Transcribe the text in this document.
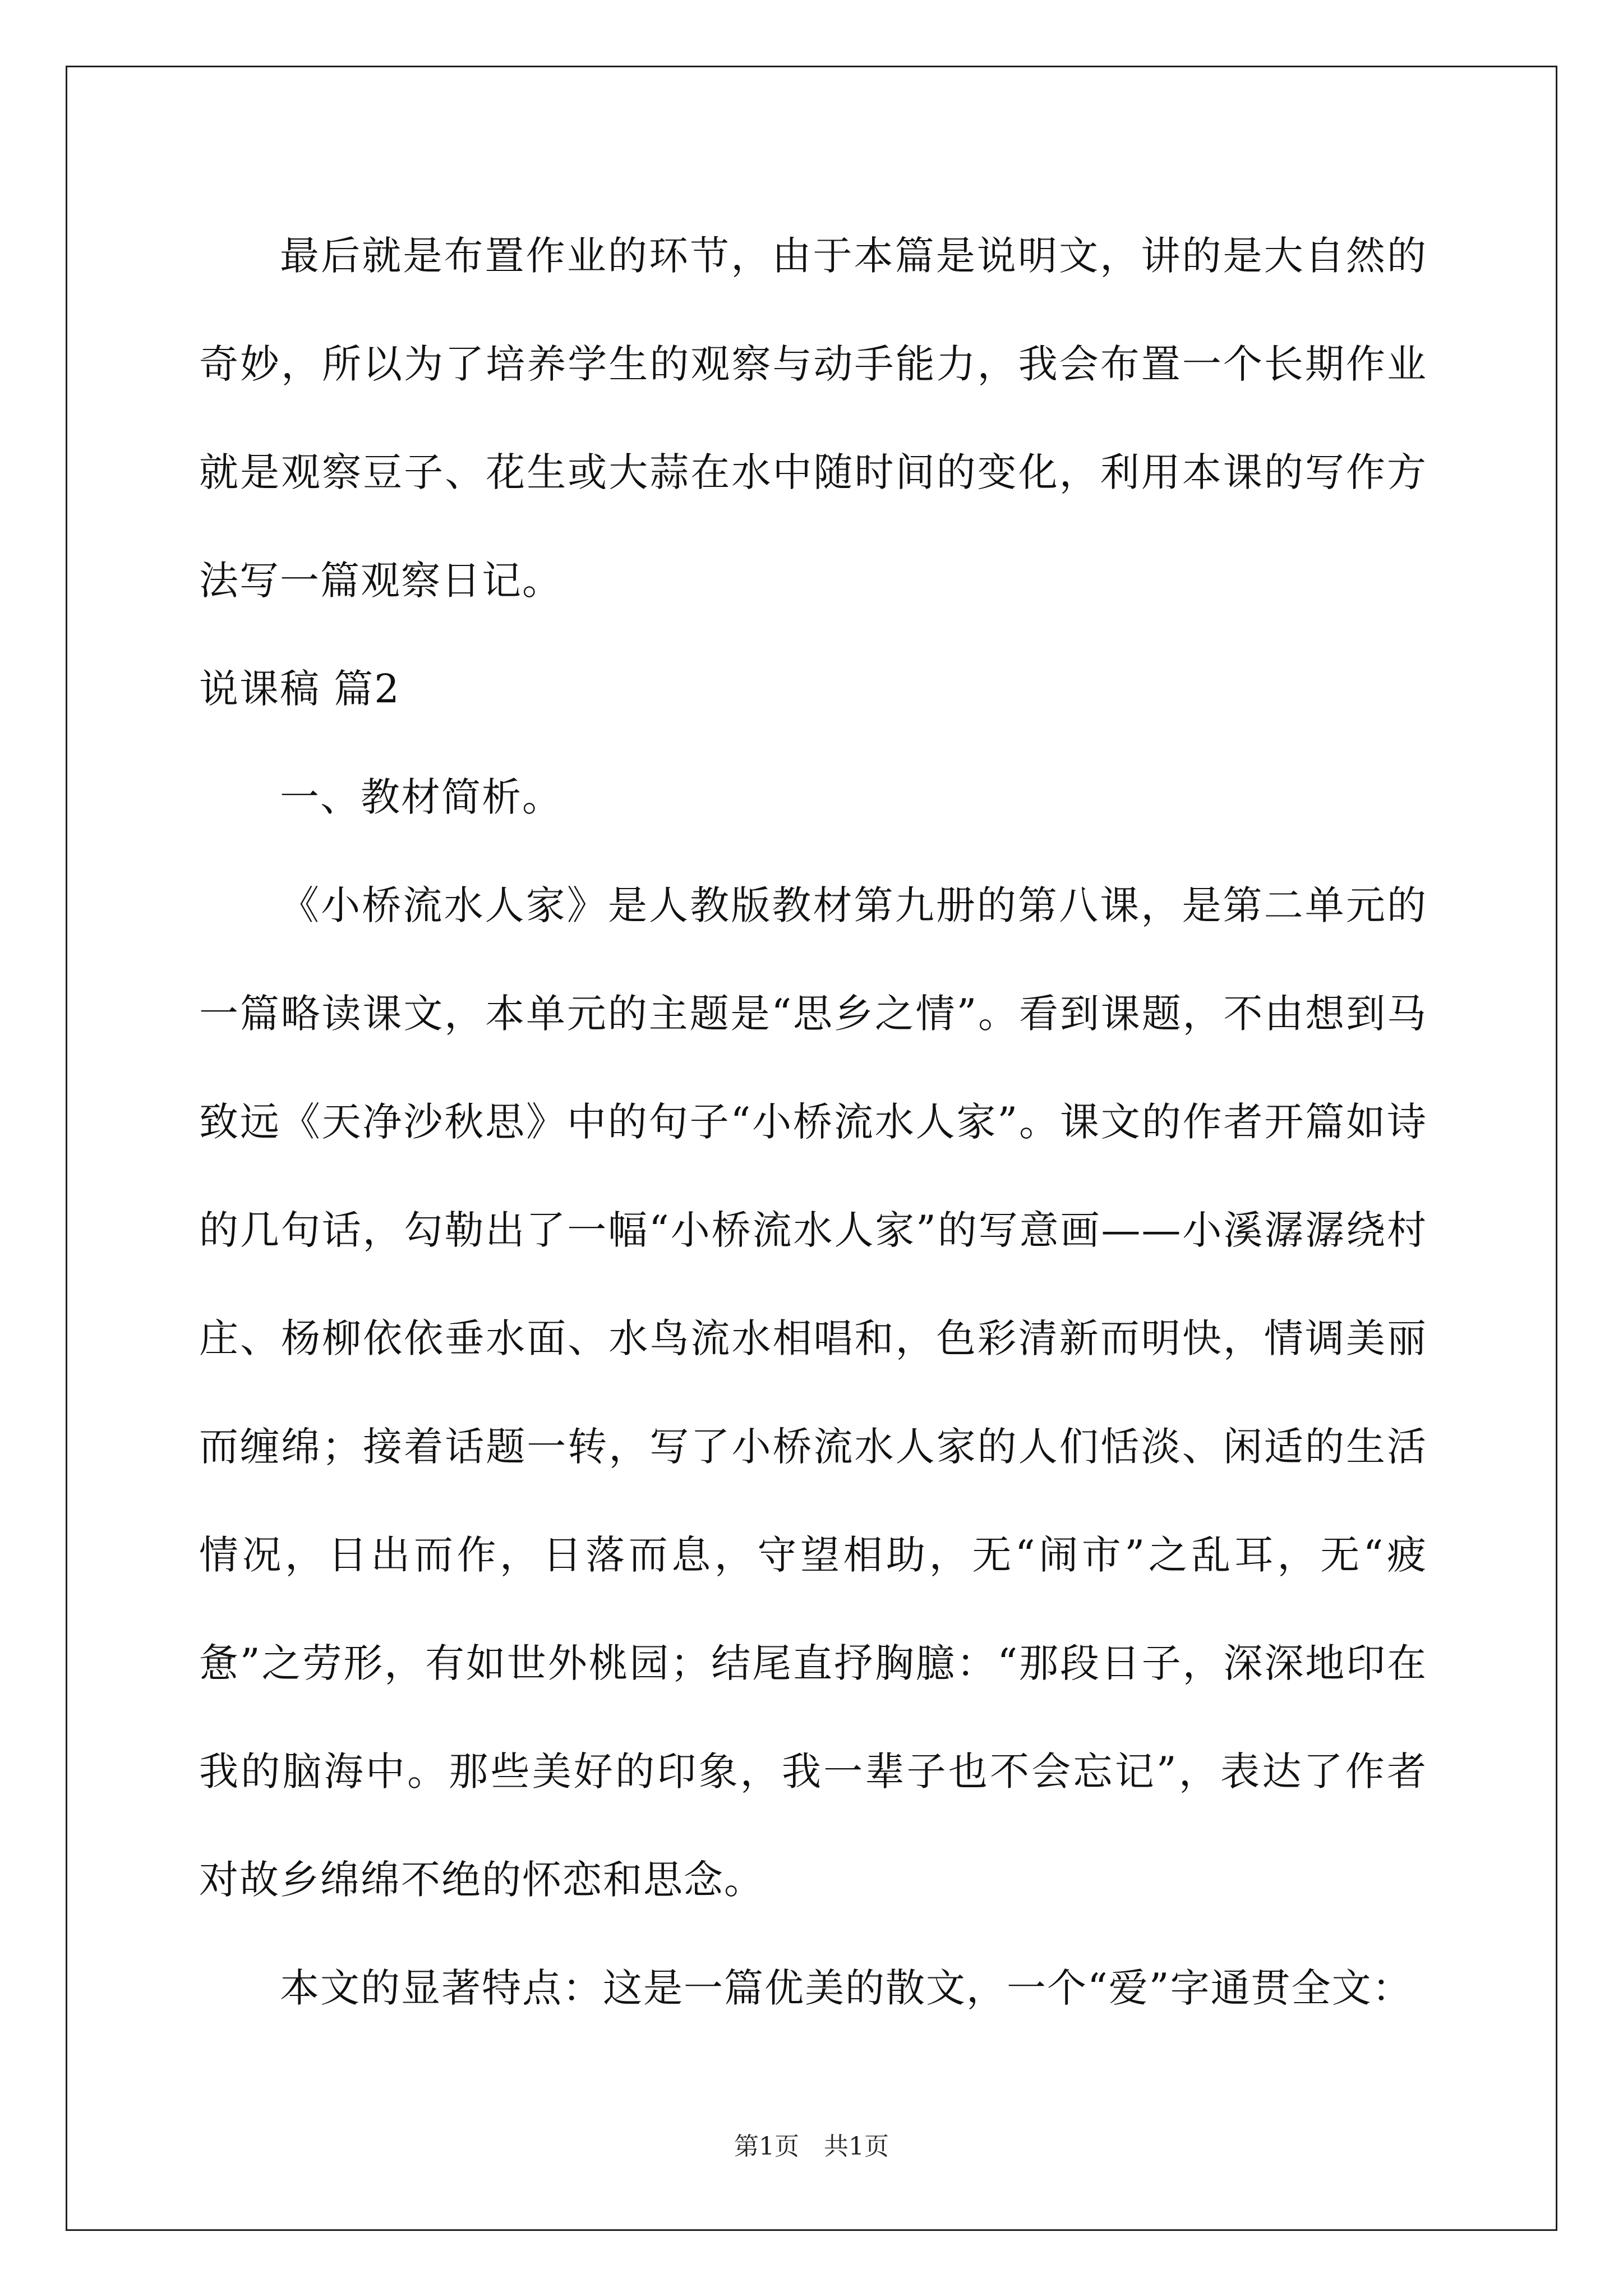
最后就是布置作业的环节，由于本篇是说明文，讲的是大自然的奇妙，所以为了培养学生的观察与动手能力，我会布置一个长期作业就是观察豆子、花生或大蒜在水中随时间的变化，利用本课的写作方法写一篇观察日记。

说课稿 篇2

一、教材简析。

《小桥流水人家》是人教版教材第九册的第八课，是第二单元的一篇略读课文，本单元的主题是“思乡之情”。看到课题，不由想到马致远《天净沙秋思》中的句子“小桥流水人家”。课文的作者开篇如诗的几句话，勾勒出了一幅“小桥流水人家”的写意画——小溪潺潺绕村庄、杨柳依依垂水面、水鸟流水相唱和，色彩清新而明快，情调美丽而缠绵；接着话题一转，写了小桥流水人家的人们恬淡、闲适的生活情况，日出而作，日落而息，守望相助，无“闹市”之乱耳，无“疲惫”之劳形，有如世外桃园；结尾直抒胸臆：“那段日子，深深地印在我的脑海中。那些美好的印象，我一辈子也不会忘记”，表达了作者对故乡绵绵不绝的怀恋和思念。

本文的显著特点：这是一篇优美的散文，一个“爱”字通贯全文：

第1页　共1页
